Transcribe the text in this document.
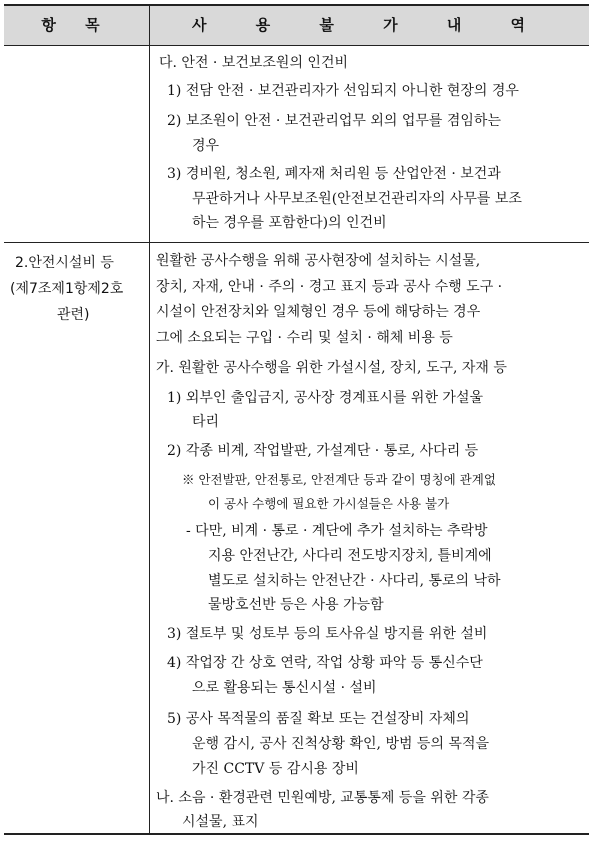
항 목	사 용 불 가 내 역
다. 안전 · 보건보조원의 인건비
1) 전담 안전 · 보건관리자가 선임되지 아니한 현장의 경우
2) 보조원이 안전 · 보건관리업무 외의 업무를 겸임하는
경우
3) 경비원, 청소원, 폐자재 처리원 등 산업안전 · 보건과
무관하거나 사무보조원(안전보건관리자의 사무를 보조
하는 경우를 포함한다)의 인건비
2.안전시설비 등
(제7조제1항제2호
관련)
원활한 공사수행을 위해 공사현장에 설치하는 시설물,
장치, 자재, 안내 · 주의 · 경고 표지 등과 공사 수행 도구 ·
시설이 안전장치와 일체형인 경우 등에 해당하는 경우
그에 소요되는 구입 · 수리 및 설치 · 해체 비용 등
가. 원활한 공사수행을 위한 가설시설, 장치, 도구, 자재 등
1) 외부인 출입금지, 공사장 경계표시를 위한 가설울
타리
2) 각종 비계, 작업발판, 가설계단 · 통로, 사다리 등
※ 안전발판, 안전통로, 안전계단 등과 같이 명칭에 관계없
이 공사 수행에 필요한 가시설들은 사용 불가
- 다만, 비계 · 통로 · 계단에 추가 설치하는 추락방
지용 안전난간, 사다리 전도방지장치, 틀비계에
별도로 설치하는 안전난간 · 사다리, 통로의 낙하
물방호선반 등은 사용 가능함
3) 절토부 및 성토부 등의 토사유실 방지를 위한 설비
4) 작업장 간 상호 연락, 작업 상황 파악 등 통신수단
으로 활용되는 통신시설 · 설비
5) 공사 목적물의 품질 확보 또는 건설장비 자체의
운행 감시, 공사 진척상황 확인, 방범 등의 목적을
가진 CCTV 등 감시용 장비
나. 소음 · 환경관련 민원예방, 교통통제 등을 위한 각종
시설물, 표지
